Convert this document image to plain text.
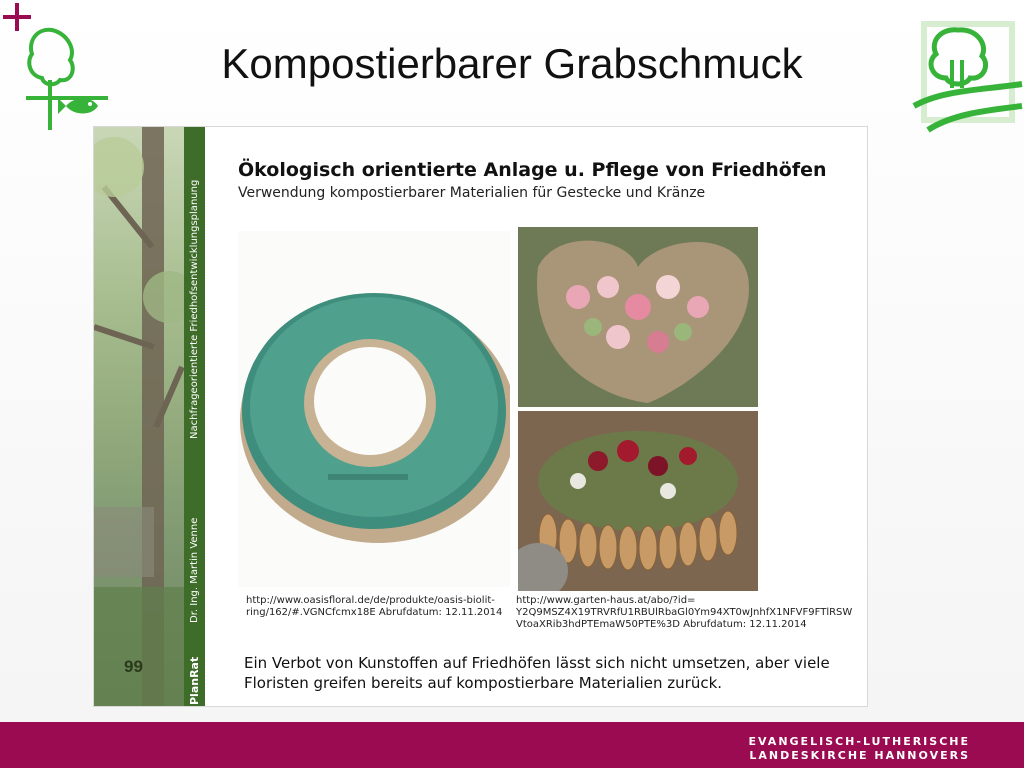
Kompostierbarer Grabschmuck
99	PlanRat
Dr. Ing. Martin Venne
Nachfrageorientierte Friedhofsentwicklungsplanung
Ökologisch orientierte Anlage u. Pflege von Friedhöfen
Verwendung kompostierbarer Materialien für Gestecke und Kränze
http://www.oasisfloral.de/de/produkte/oasis-biolit-
ring/162/#.VGNCfcmx18E Abrufdatum: 12.11.2014
http://www.garten-haus.at/abo/?id=
Y2Q9MSZ4X19TRVRfU1RBUlRbaGl0Ym94XT0wJnhfX1NFVF9FTlRSW
VtoaXRib3hdPTEmaW50PTE%3D Abrufdatum: 12.11.2014
Ein Verbot von Kunstoffen auf Friedhöfen lässt sich nicht umsetzen, aber viele Floristen greifen bereits auf kompostierbare Materialien zurück.
EVANGELISCH-LUTHERISCHE
LANDESKIRCHE HANNOVERS
